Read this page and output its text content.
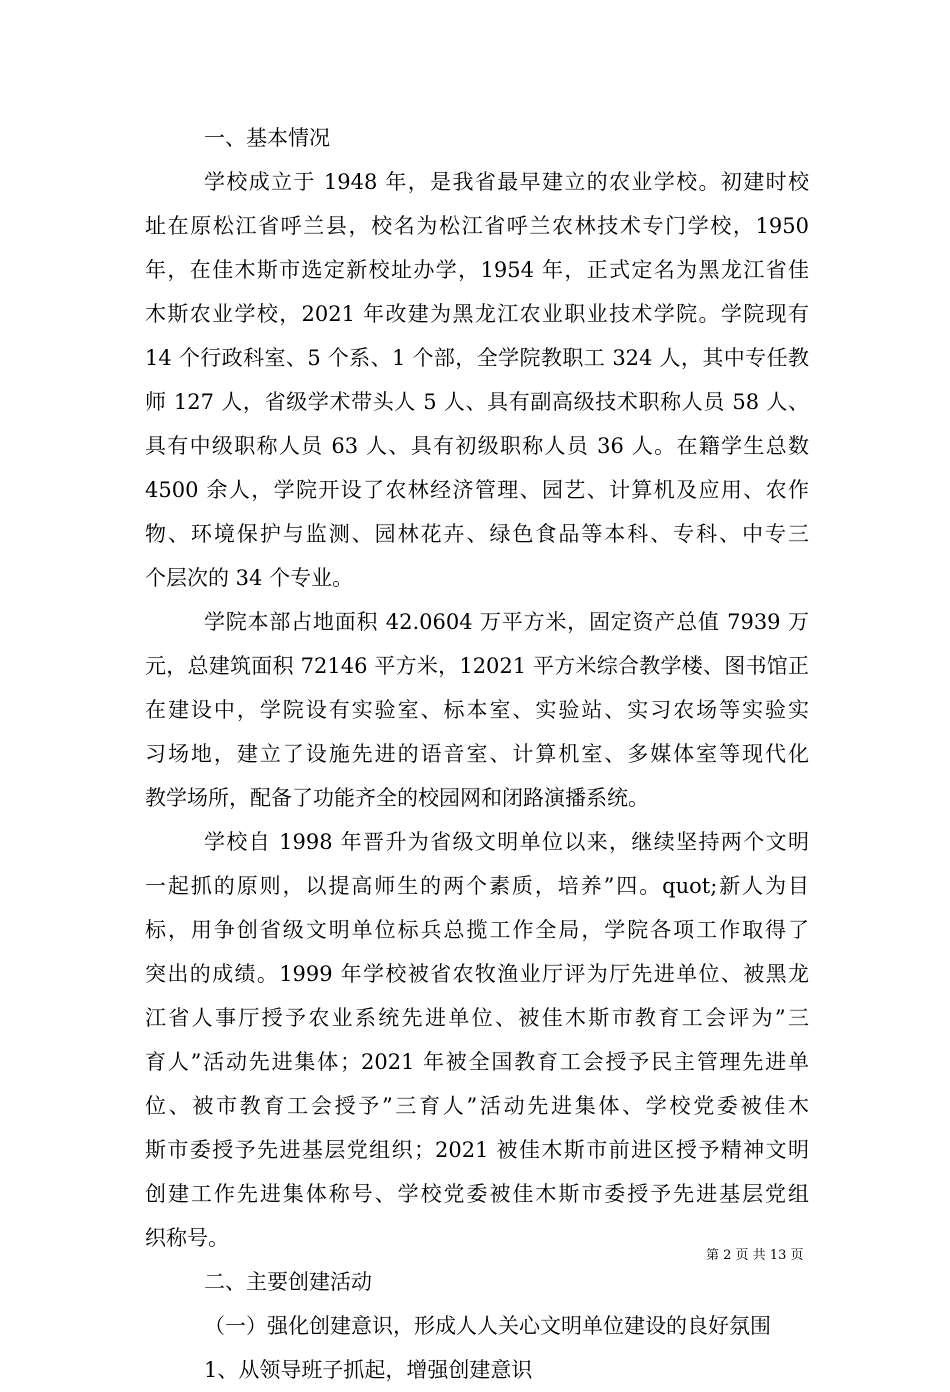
一、基本情况
学校成立于 1948 年，是我省最早建立的农业学校。初建时校
址在原松江省呼兰县，校名为松江省呼兰农林技术专门学校，1950
年，在佳木斯市选定新校址办学，1954 年，正式定名为黑龙江省佳
木斯农业学校，2021 年改建为黑龙江农业职业技术学院。学院现有
14 个行政科室、5 个系、1 个部，全学院教职工 324 人，其中专任教
师 127 人，省级学术带头人 5 人、具有副高级技术职称人员 58 人、
具有中级职称人员 63 人、具有初级职称人员 36 人。在籍学生总数
4500 余人，学院开设了农林经济管理、园艺、计算机及应用、农作
物、环境保护与监测、园林花卉、绿色食品等本科、专科、中专三
个层次的 34 个专业。
学院本部占地面积 42.0604 万平方米，固定资产总值 7939 万
元，总建筑面积 72146 平方米，12021 平方米综合教学楼、图书馆正
在建设中，学院设有实验室、标本室、实验站、实习农场等实验实
习场地，建立了设施先进的语音室、计算机室、多媒体室等现代化
教学场所，配备了功能齐全的校园网和闭路演播系统。
学校自 1998 年晋升为省级文明单位以来，继续坚持两个文明
一起抓的原则，以提高师生的两个素质，培养”四。quot;新人为目
标，用争创省级文明单位标兵总揽工作全局，学院各项工作取得了
突出的成绩。1999 年学校被省农牧渔业厅评为厅先进单位、被黑龙
江省人事厅授予农业系统先进单位、被佳木斯市教育工会评为”三
育人”活动先进集体；2021 年被全国教育工会授予民主管理先进单
位、被市教育工会授予”三育人”活动先进集体、学校党委被佳木
斯市委授予先进基层党组织；2021 被佳木斯市前进区授予精神文明
创建工作先进集体称号、学校党委被佳木斯市委授予先进基层党组
织称号。
二、主要创建活动
（一）强化创建意识，形成人人关心文明单位建设的良好氛围
1、从领导班子抓起，增强创建意识
第 2 页 共 13 页
